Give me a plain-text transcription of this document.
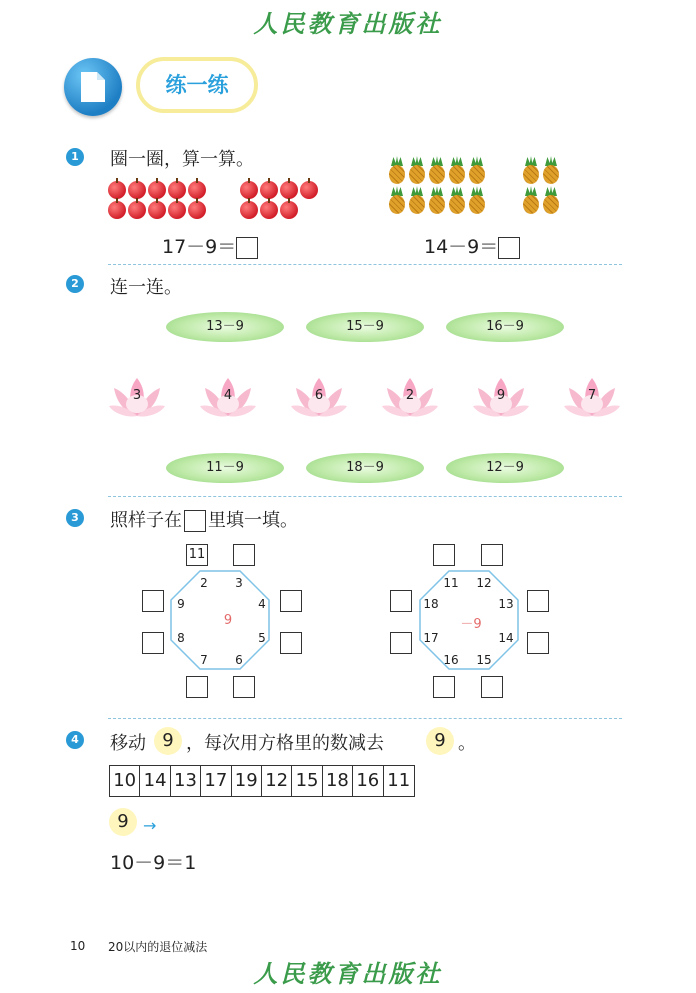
人民教育出版社
练一练
1 圈一圈，算一算。
17－9＝	14－9＝
2 连一连。
13－9	15－9	16－9
3	4	6	2	9	7
11－9	18－9	12－9
3 照样子在 里填一填。
2	3
4
5
6
7
8
9
9
11
11 12
13
14
15
16
17
18
－9
4 移动 9 ，每次用方格里的数减去	9 。
10 14 13 17 19 12 15 18 16 11
9 →
10－9＝1
10 20以内的退位减法
人民教育出版社
